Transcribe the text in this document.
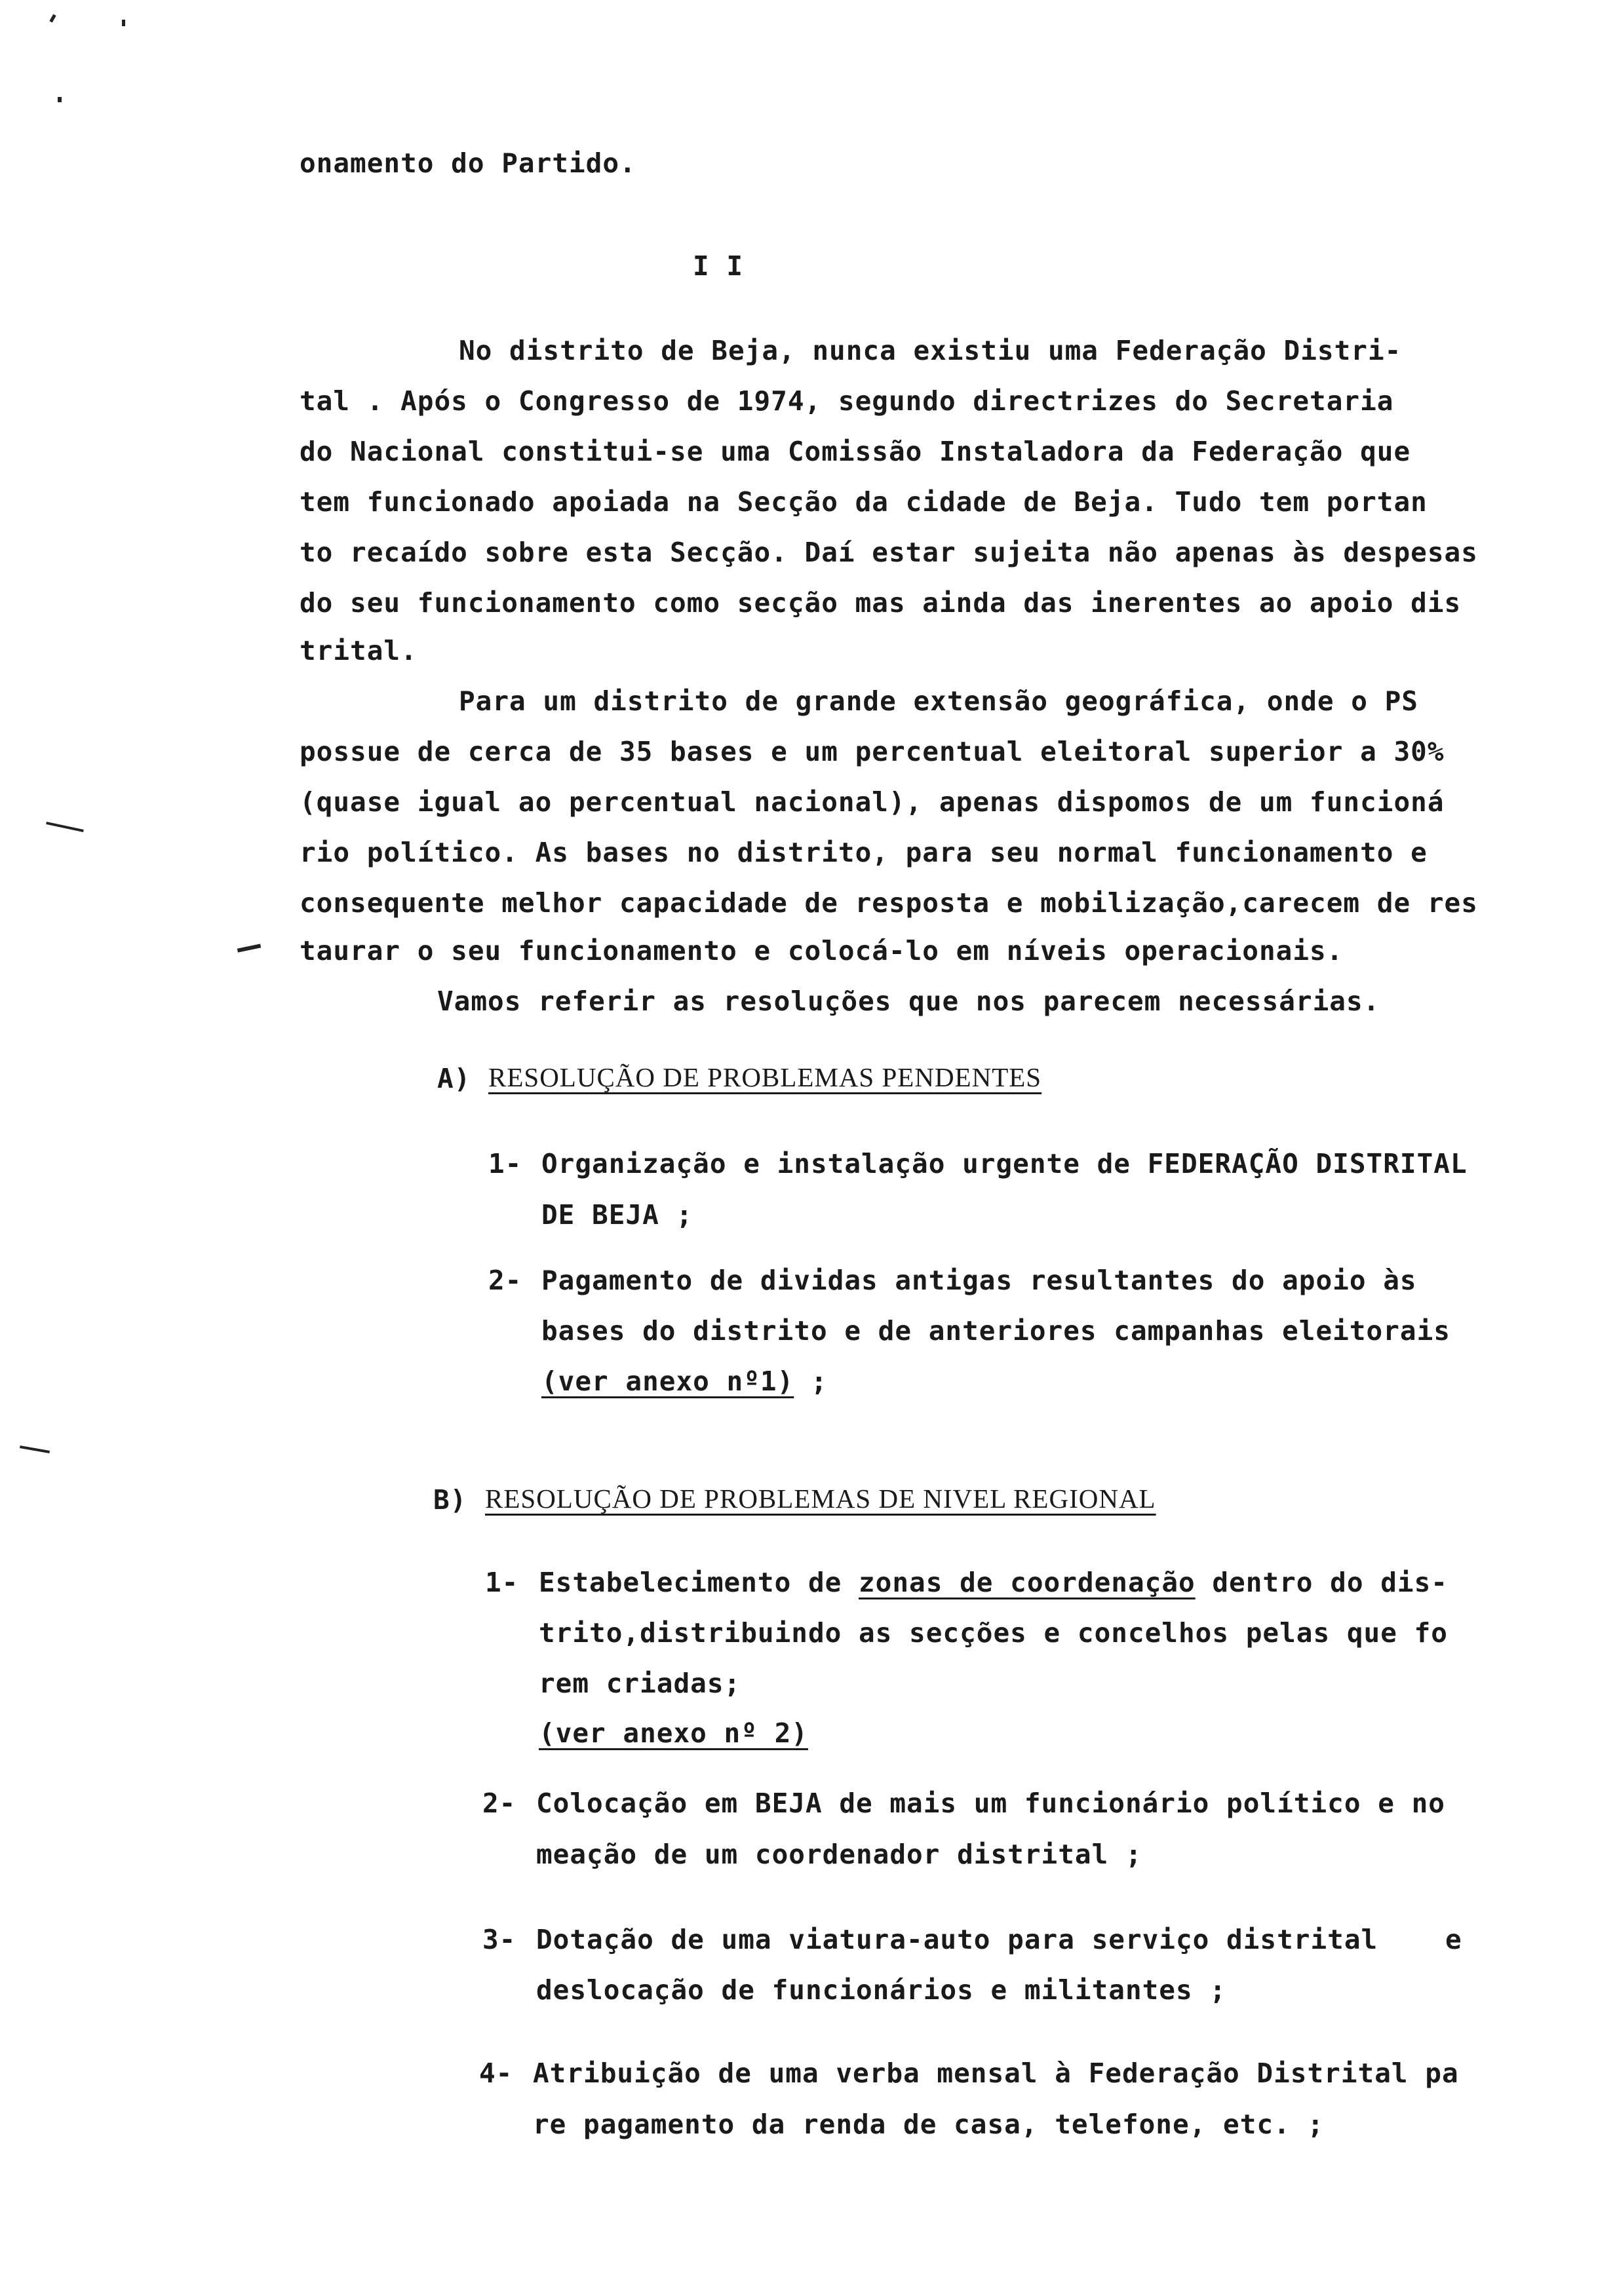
onamento do Partido.
I I
No distrito de Beja, nunca existiu uma Federação Distri-
tal . Após o Congresso de 1974, segundo directrizes do Secretaria
do Nacional constitui-se uma Comissão Instaladora da Federação que
tem funcionado apoiada na Secção da cidade de Beja. Tudo tem portan
to recaído sobre esta Secção. Daí estar sujeita não apenas às despesas
do seu funcionamento como secção mas ainda das inerentes ao apoio dis
trital.
Para um distrito de grande extensão geográfica, onde o PS
possue de cerca de 35 bases e um percentual eleitoral superior a 30%
(quase igual ao percentual nacional), apenas dispomos de um funcioná
rio político. As bases no distrito, para seu normal funcionamento e
consequente melhor capacidade de resposta e mobilização,carecem de res
taurar o seu funcionamento e colocá-lo em níveis operacionais.
Vamos referir as resoluções que nos parecem necessárias.
A) RESOLUÇÃO DE PROBLEMAS PENDENTES
1- Organização e instalação urgente de FEDERAÇÃO DISTRITAL
DE BEJA ;
2- Pagamento de dividas antigas resultantes do apoio às
bases do distrito e de anteriores campanhas eleitorais
(ver anexo nº1) ;
B) RESOLUÇÃO DE PROBLEMAS DE NIVEL REGIONAL
1- Estabelecimento de zonas de coordenação dentro do dis-
trito,distribuindo as secções e concelhos pelas que fo
rem criadas;
(ver anexo nº 2)
2- Colocação em BEJA de mais um funcionário político e no
meação de um coordenador distrital ;
3- Dotação de uma viatura-auto para serviço distrital    e
deslocação de funcionários e militantes ;
4- Atribuição de uma verba mensal à Federação Distrital pa
re pagamento da renda de casa, telefone, etc. ;
